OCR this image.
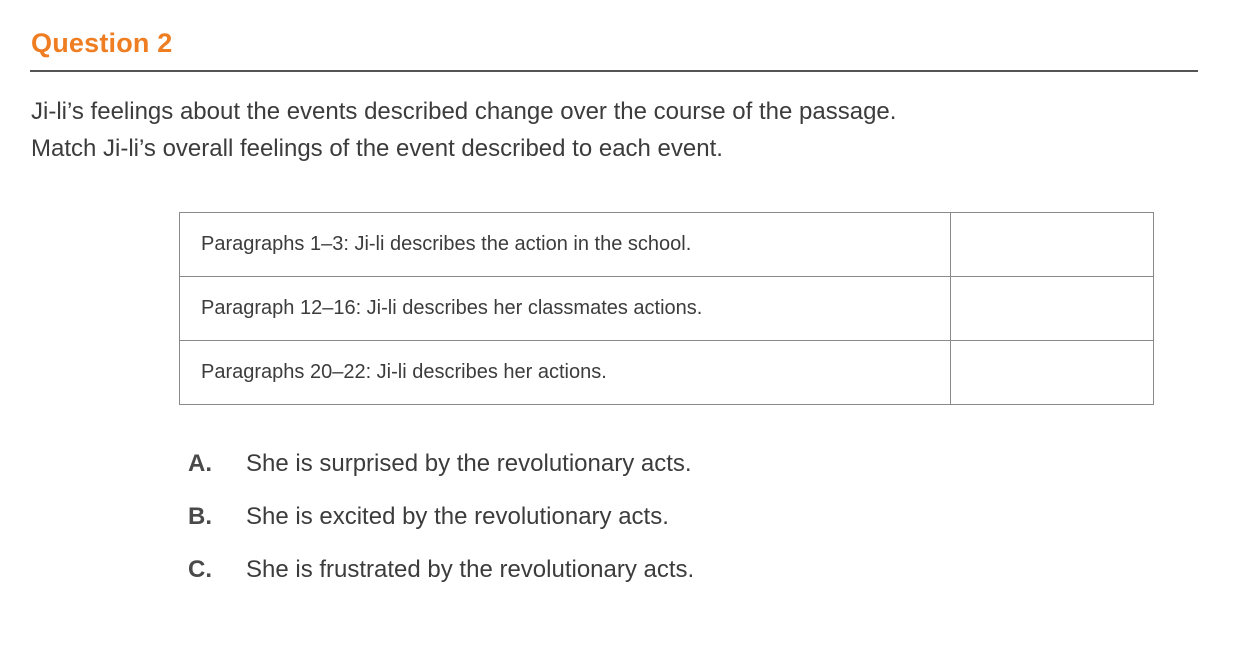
Question 2
Ji-li’s feelings about the events described change over the course of the passage.
Match Ji-li’s overall feelings of the event described to each event.
Paragraphs 1–3: Ji-li describes the action in the school.	
Paragraph 12–16: Ji-li describes her classmates actions.	
Paragraphs 20–22: Ji-li describes her actions.	
A.	She is surprised by the revolutionary acts.
B.	She is excited by the revolutionary acts.
C.	She is frustrated by the revolutionary acts.
